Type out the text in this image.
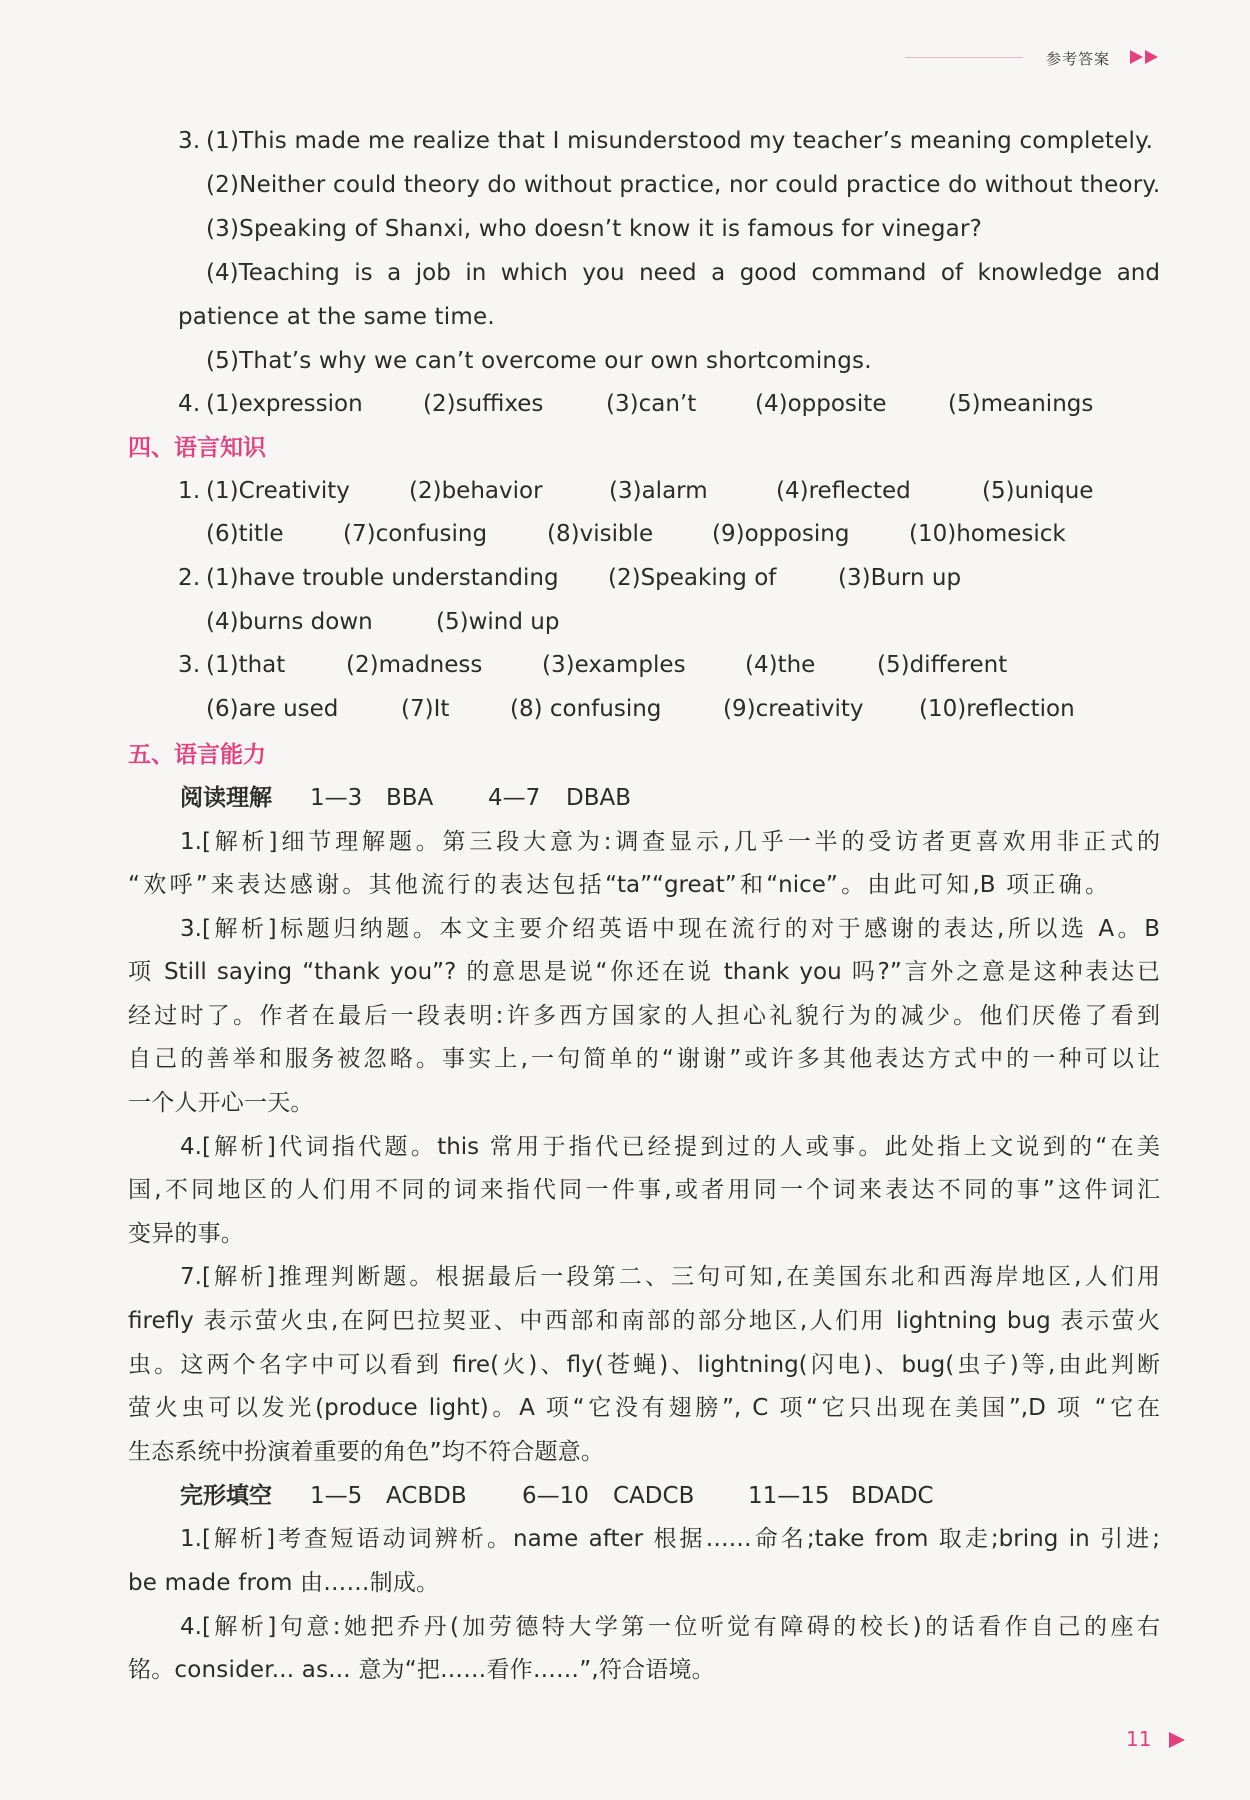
参考答案
3. (1)This made me realize that I misunderstood my teacher’s meaning completely.
(2)Neither could theory do without practice, nor could practice do without theory.
(3)Speaking of Shanxi, who doesn’t know it is famous for vinegar?
(4)Teaching is a job in which you need a good command of knowledge and
patience at the same time.
(5)That’s why we can’t overcome our own shortcomings.
4. (1)expression	(2)suffixes	(3)can’t	(4)opposite	(5)meanings
四、语言知识
1. (1)Creativity	(2)behavior	(3)alarm	(4)reflected	(5)unique
(6)title	(7)confusing	(8)visible	(9)opposing	(10)homesick
2. (1)have trouble understanding (2)Speaking of	(3)Burn up
(4)burns down	(5)wind up
3. (1)that	(2)madness	(3)examples	(4)the	(5)different
(6)are used	(7)It	(8) confusing	(9)creativity (10)reflection
五、语言能力
阅读理解 1—3 BBA 4—7 DBAB
1.[解析]细节理解题。第三段大意为:调查显示,几乎一半的受访者更喜欢用非正式的
“欢呼”来表达感谢。其他流行的表达包括“ta”“great”和“nice”。由此可知,B 项正确。
3.[解析]标题归纳题。本文主要介绍英语中现在流行的对于感谢的表达,所以选 A。B
项 Still saying “thank you”? 的意思是说“你还在说 thank you 吗?”言外之意是这种表达已
经过时了。作者在最后一段表明:许多西方国家的人担心礼貌行为的减少。他们厌倦了看到
自己的善举和服务被忽略。事实上,一句简单的“谢谢”或许多其他表达方式中的一种可以让
一个人开心一天。
4.[解析]代词指代题。this 常用于指代已经提到过的人或事。此处指上文说到的“在美
国,不同地区的人们用不同的词来指代同一件事,或者用同一个词来表达不同的事”这件词汇
变异的事。
7.[解析]推理判断题。根据最后一段第二、三句可知,在美国东北和西海岸地区,人们用
firefly 表示萤火虫,在阿巴拉契亚、中西部和南部的部分地区,人们用 lightning bug 表示萤火
虫。这两个名字中可以看到 fire(火)、fly(苍蝇)、lightning(闪电)、bug(虫子)等,由此判断
萤火虫可以发光(produce light)。A 项“它没有翅膀”, C 项“它只出现在美国”,D 项 “它在
生态系统中扮演着重要的角色”均不符合题意。
完形填空 1—5 ACBDB 6—10 CADCB 11—15 BDADC
1.[解析]考查短语动词辨析。name after 根据……命名;take from 取走;bring in 引进;
be made from 由……制成。
4.[解析]句意:她把乔丹(加劳德特大学第一位听觉有障碍的校长)的话看作自己的座右
铭。consider... as... 意为“把……看作……”,符合语境。
11
